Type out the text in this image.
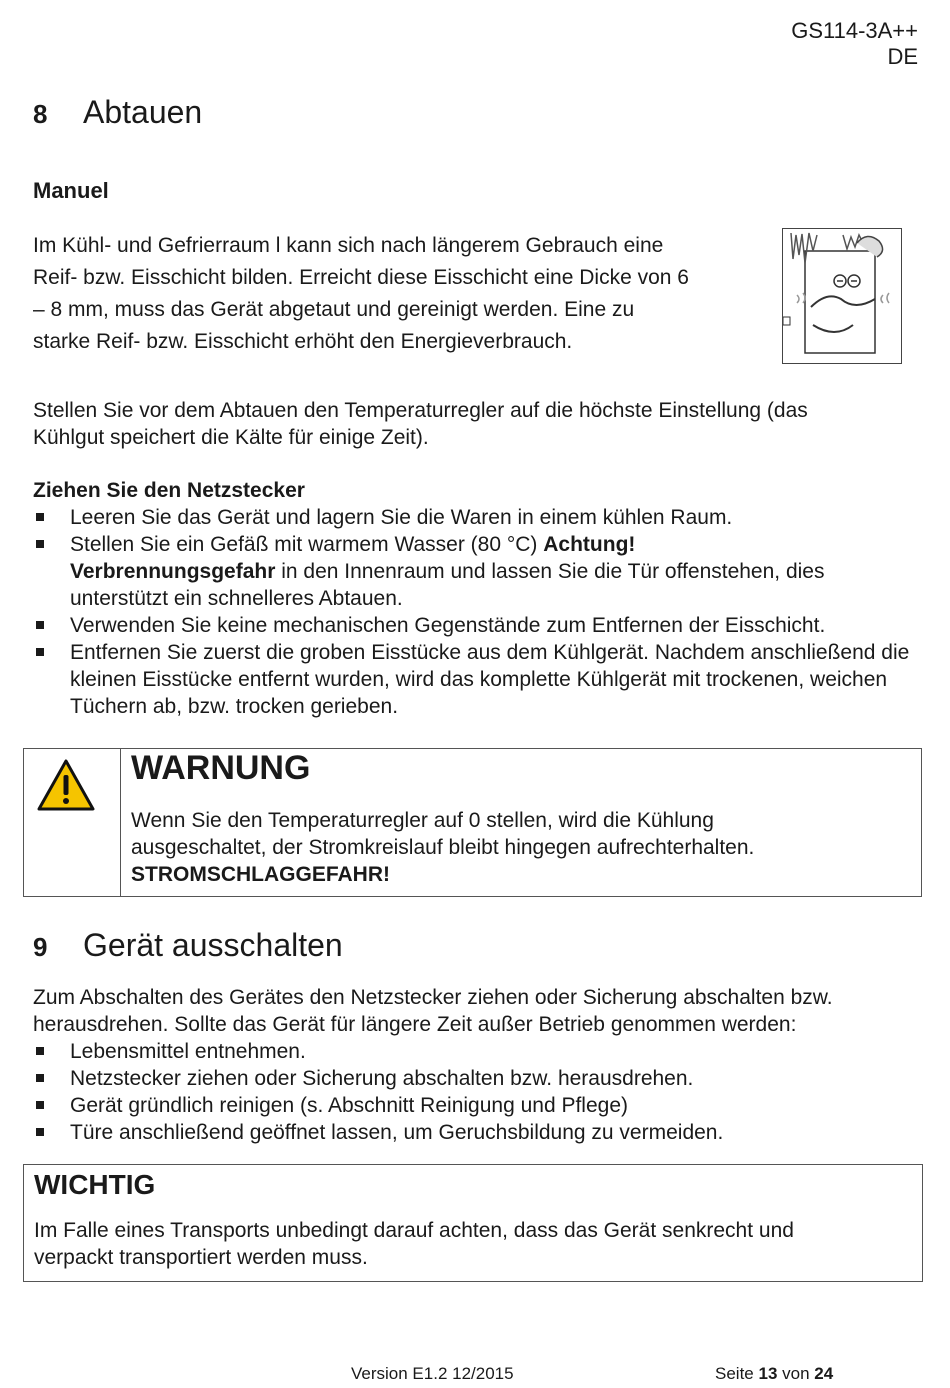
GS114-3A++
DE
8 Abtauen
Manuel
Im Kühl- und Gefrierraum l kann sich nach längerem Gebrauch eine
Reif- bzw. Eisschicht bilden. Erreicht diese Eisschicht eine Dicke von 6
– 8 mm, muss das Gerät abgetaut und gereinigt werden. Eine zu
starke Reif- bzw. Eisschicht erhöht den Energieverbrauch.
Stellen Sie vor dem Abtauen den Temperaturregler auf die höchste Einstellung (das
Kühlgut speichert die Kälte für einige Zeit).
Ziehen Sie den Netzstecker
Leeren Sie das Gerät und lagern Sie die Waren in einem kühlen Raum.
Stellen Sie ein Gefäß mit warmem Wasser (80 °C) Achtung!
Verbrennungsgefahr in den Innenraum und lassen Sie die Tür offenstehen, dies unterstützt ein schnelleres Abtauen.
Verwenden Sie keine mechanischen Gegenstände zum Entfernen der Eisschicht.
Entfernen Sie zuerst die groben Eisstücke aus dem Kühlgerät. Nachdem anschließend die kleinen Eisstücke entfernt wurden, wird das komplette Kühlgerät mit trockenen, weichen Tüchern ab, bzw. trocken gerieben.
WARNUNG
Wenn Sie den Temperaturregler auf 0 stellen, wird die Kühlung
ausgeschaltet, der Stromkreislauf bleibt hingegen aufrechterhalten.
STROMSCHLAGGEFAHR!
9 Gerät ausschalten
Zum Abschalten des Gerätes den Netzstecker ziehen oder Sicherung abschalten bzw.
herausdrehen. Sollte das Gerät für längere Zeit außer Betrieb genommen werden:
Lebensmittel entnehmen.
Netzstecker ziehen oder Sicherung abschalten bzw. herausdrehen.
Gerät gründlich reinigen (s. Abschnitt Reinigung und Pflege)
Türe anschließend geöffnet lassen, um Geruchsbildung zu vermeiden.
WICHTIG
Im Falle eines Transports unbedingt darauf achten, dass das Gerät senkrecht und
verpackt transportiert werden muss.
Version E1.2 12/2015	Seite 13 von 24
